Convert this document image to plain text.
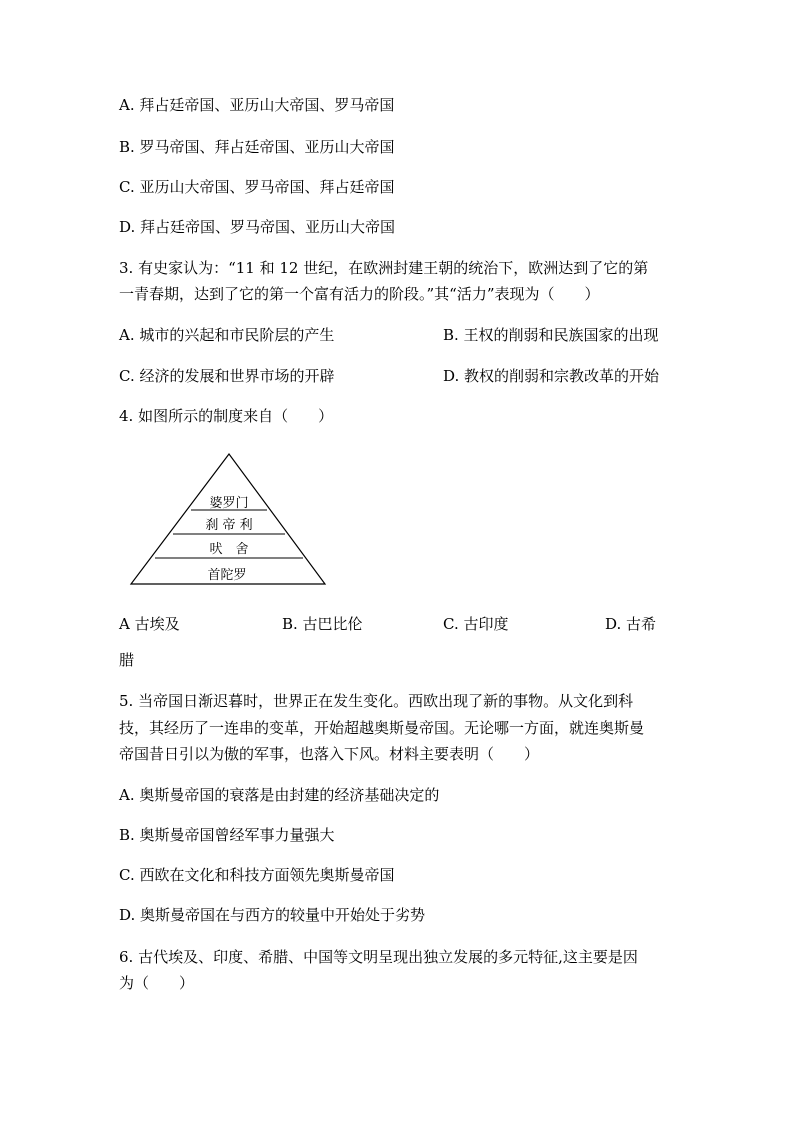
A. 拜占廷帝国、亚历山大帝国、罗马帝国
B. 罗马帝国、拜占廷帝国、亚历山大帝国
C. 亚历山大帝国、罗马帝国、拜占廷帝国
D. 拜占廷帝国、罗马帝国、亚历山大帝国
3. 有史家认为：“11 和 12 世纪，在欧洲封建王朝的统治下，欧洲达到了它的第
一青春期，达到了它的第一个富有活力的阶段。”其“活力”表现为（　　）
A. 城市的兴起和市民阶层的产生	B. 王权的削弱和民族国家的出现
C. 经济的发展和世界市场的开辟	D. 教权的削弱和宗教改革的开始
4. 如图所示的制度来自（　　）
婆罗门
刹 帝 利
吠　舍
首陀罗
A 古埃及	B. 古巴比伦	C. 古印度	D. 古希
腊
5. 当帝国日渐迟暮时，世界正在发生变化。西欧出现了新的事物。从文化到科
技，其经历了一连串的变革，开始超越奥斯曼帝国。无论哪一方面，就连奥斯曼
帝国昔日引以为傲的军事，也落入下风。材料主要表明（　　）
A. 奥斯曼帝国的衰落是由封建的经济基础决定的
B. 奥斯曼帝国曾经军事力量强大
C. 西欧在文化和科技方面领先奥斯曼帝国
D. 奥斯曼帝国在与西方的较量中开始处于劣势
6. 古代埃及、印度、希腊、中国等文明呈现出独立发展的多元特征,这主要是因
为（　　）
